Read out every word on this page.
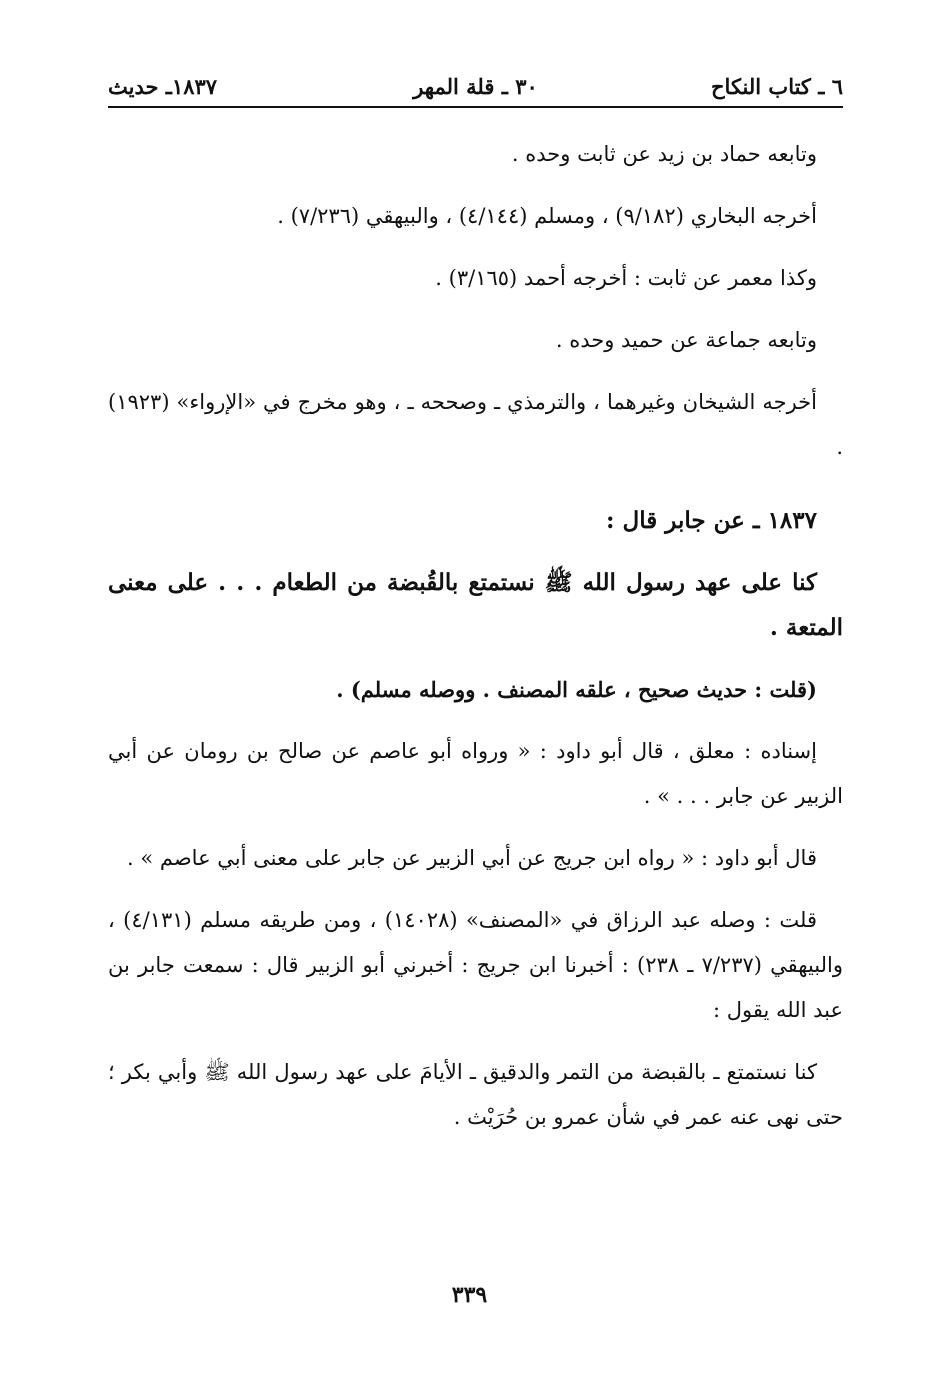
٦ ـ كتاب النكاح
٣٠ ـ قلة المهر
١٨٣٧ـ حديث

وتابعه حماد بن زيد عن ثابت وحده .

أخرجه البخاري (٩/١٨٢) ، ومسلم (٤/١٤٤) ، والبيهقي (٧/٢٣٦) .

وكذا معمر عن ثابت : أخرجه أحمد (٣/١٦٥) .

وتابعه جماعة عن حميد وحده .

أخرجه الشيخان وغيرهما ، والترمذي ـ وصححه ـ ، وهو مخرج في «الإرواء» (١٩٢٣) .

١٨٣٧ ـ عن جابر قال :

كنا على عهد رسول الله ﷺ نستمتع بالقُبضة من الطعام . . . على معنى المتعة .

(قلت : حديث صحيح ، علقه المصنف . ووصله مسلم) .

إسناده : معلق ، قال أبو داود : « ورواه أبو عاصم عن صالح بن رومان عن أبي الزبير عن جابر . . . » .

قال أبو داود : « رواه ابن جريج عن أبي الزبير عن جابر على معنى أبي عاصم » .

قلت : وصله عبد الرزاق في «المصنف» (١٤٠٢٨) ، ومن طريقه مسلم (٤/١٣١) ، والبيهقي (٧/٢٣٧ ـ ٢٣٨) : أخبرنا ابن جريج : أخبرني أبو الزبير قال : سمعت جابر بن عبد الله يقول :

كنا نستمتع ـ بالقبضة من التمر والدقيق ـ الأيامَ على عهد رسول الله ﷺ وأبي بكر ؛ حتى نهى عنه عمر في شأن عمرو بن حُرَيْث .

٣٣٩
